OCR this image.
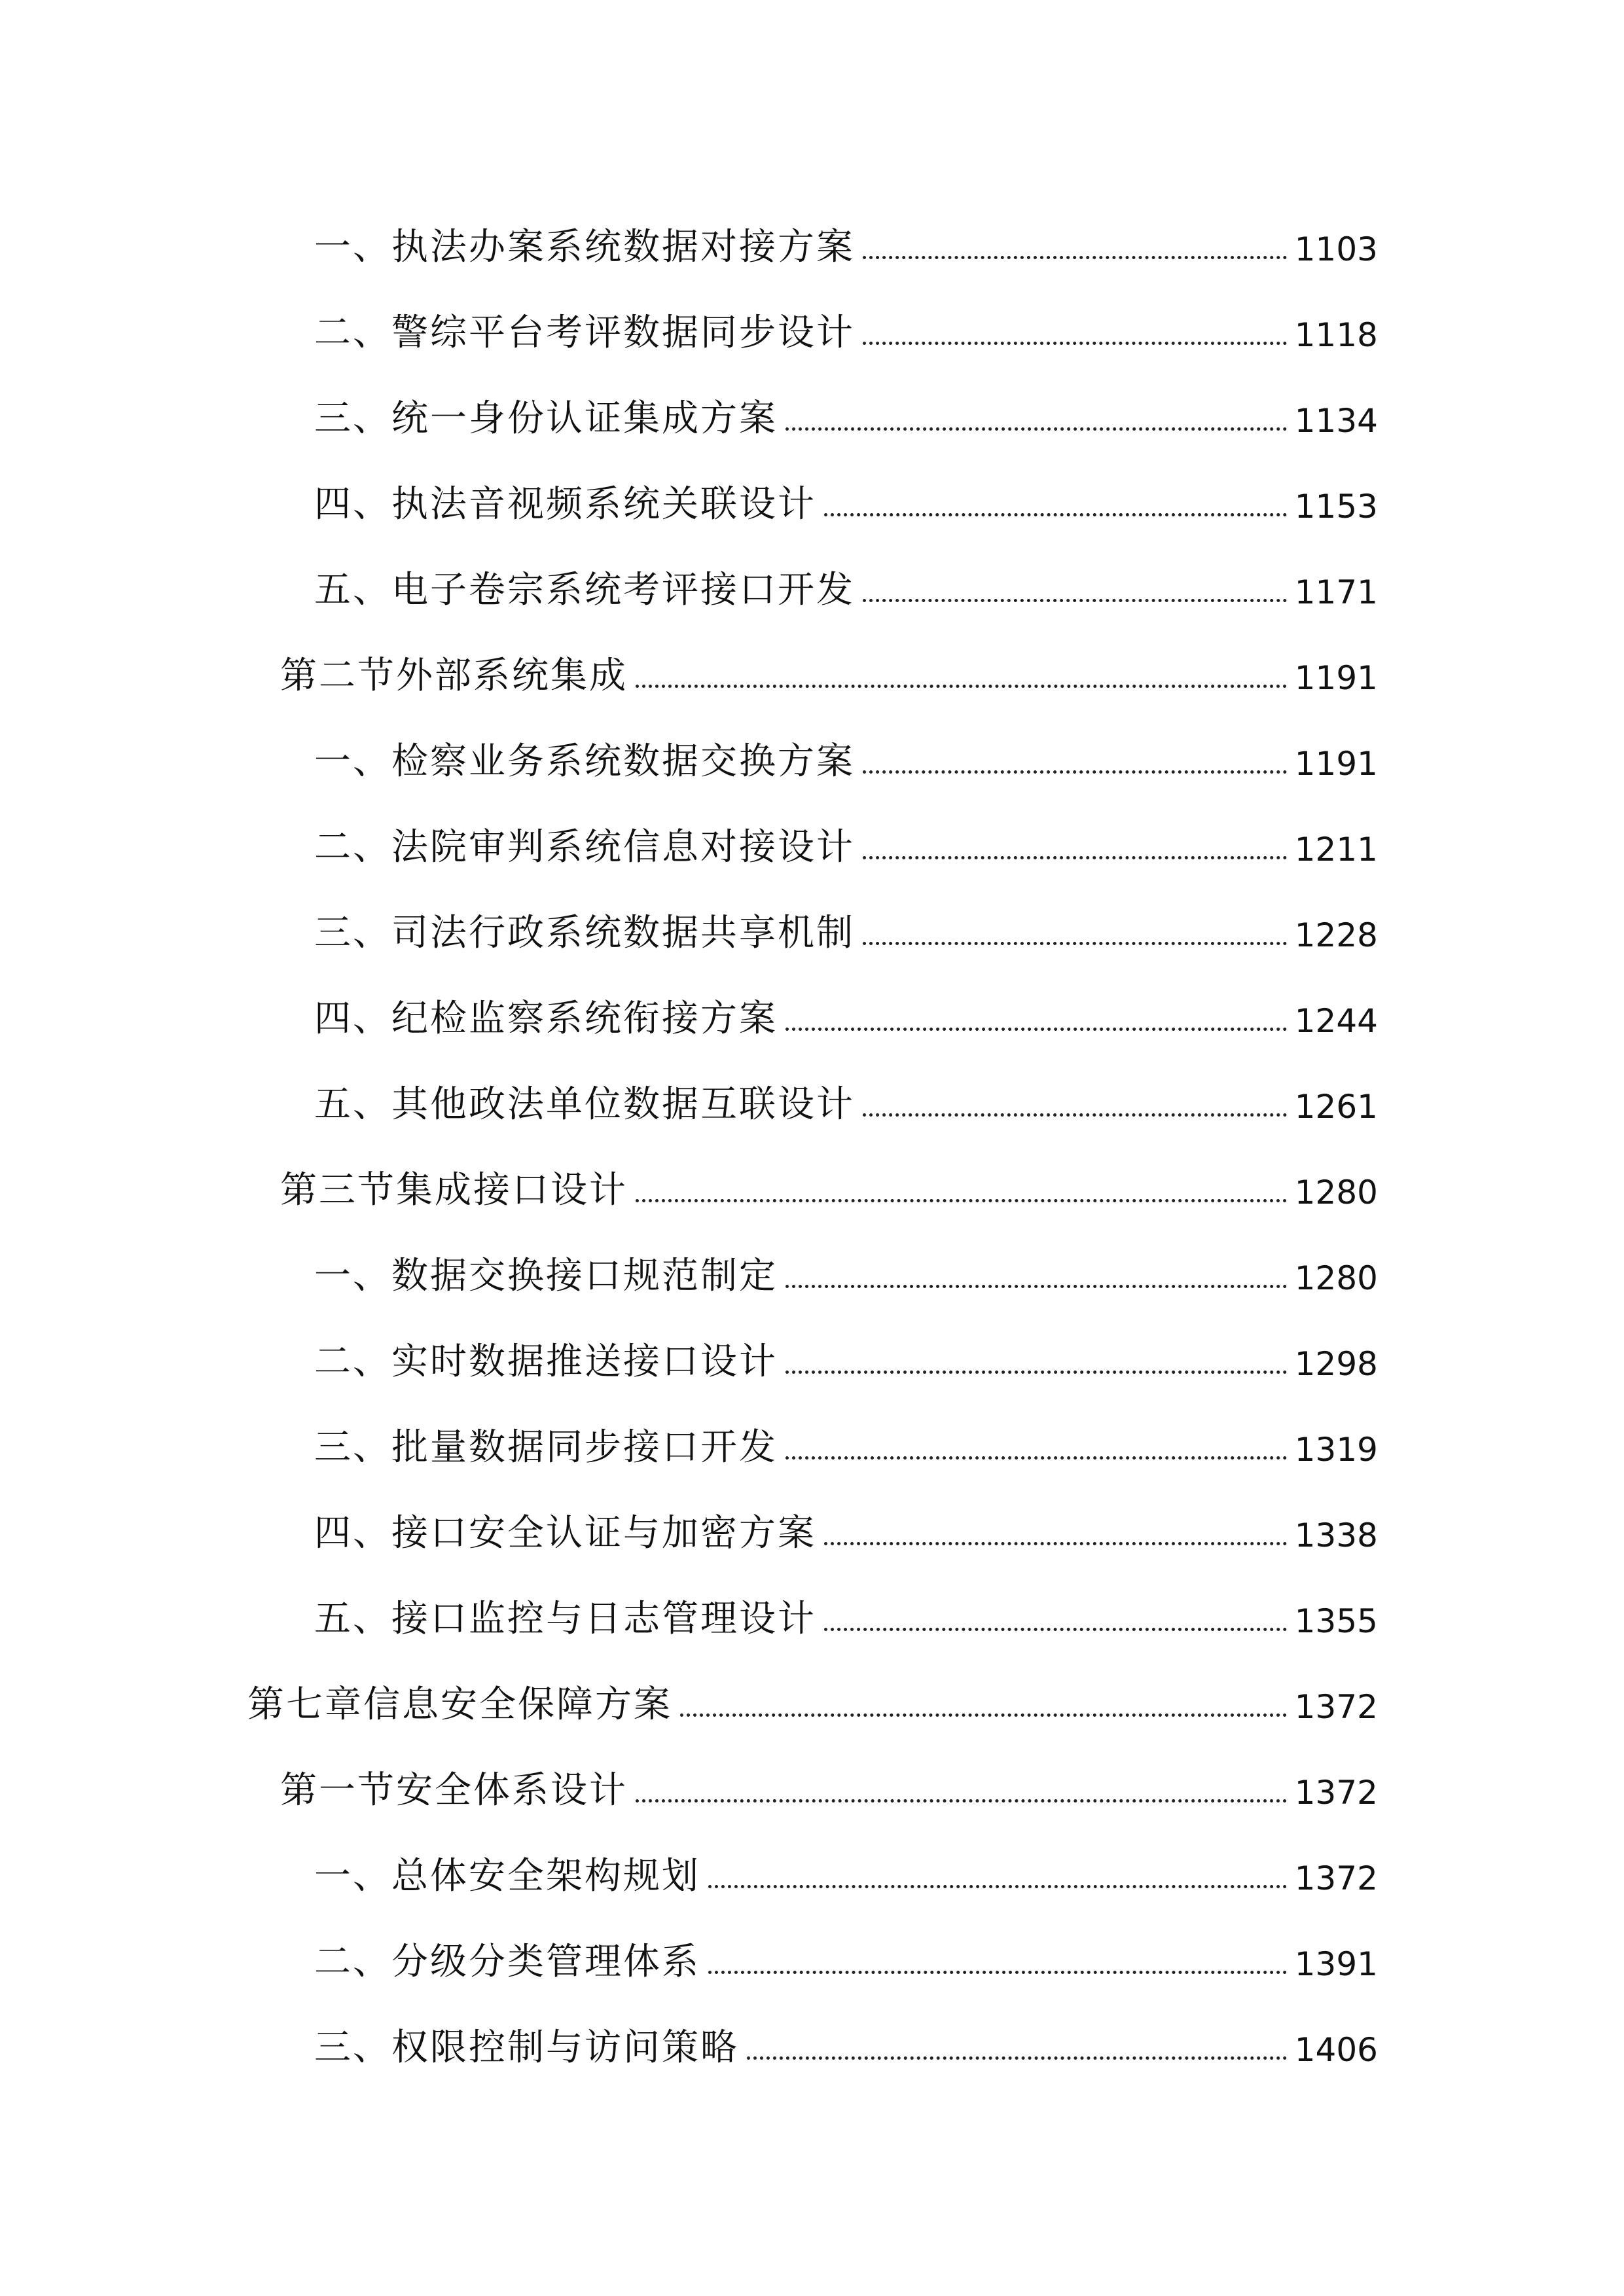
一、执法办案系统数据对接方案	1103
二、警综平台考评数据同步设计	1118
三、统一身份认证集成方案	1134
四、执法音视频系统关联设计	1153
五、电子卷宗系统考评接口开发	1171
第二节外部系统集成	1191
一、检察业务系统数据交换方案	1191
二、法院审判系统信息对接设计	1211
三、司法行政系统数据共享机制	1228
四、纪检监察系统衔接方案	1244
五、其他政法单位数据互联设计	1261
第三节集成接口设计	1280
一、数据交换接口规范制定	1280
二、实时数据推送接口设计	1298
三、批量数据同步接口开发	1319
四、接口安全认证与加密方案	1338
五、接口监控与日志管理设计	1355
第七章信息安全保障方案	1372
第一节安全体系设计	1372
一、总体安全架构规划	1372
二、分级分类管理体系	1391
三、权限控制与访问策略	1406
